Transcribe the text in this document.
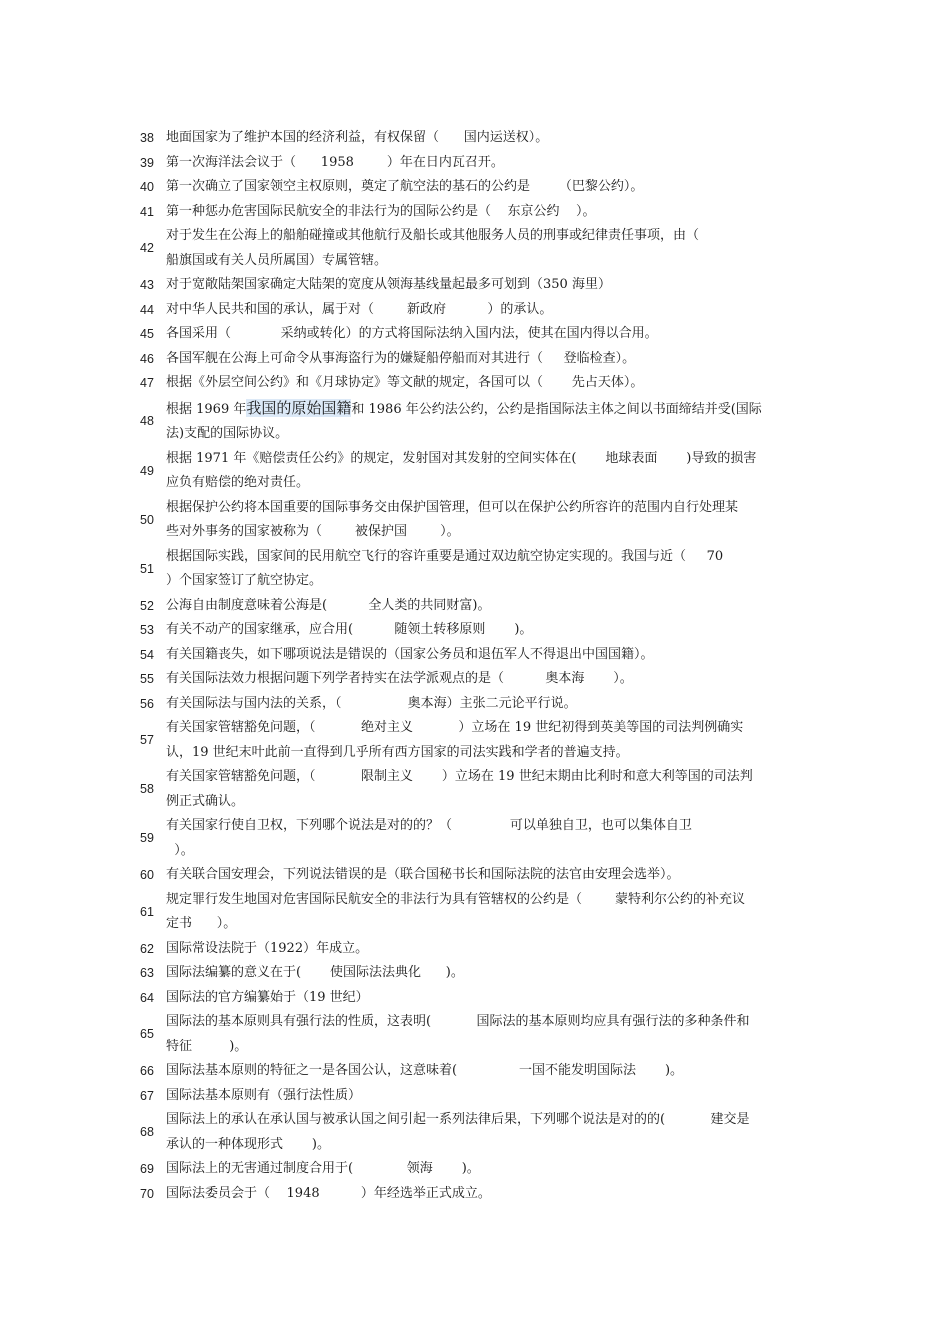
38 地面国家为了维护本国的经济利益，有权保留（      国内运送权）。
39 第一次海洋法会议于（      1958        ）年在日内瓦召开。
40 第一次确立了国家领空主权原则，奠定了航空法的基石的公约是       （巴黎公约）。
41 第一种惩办危害国际民航安全的非法行为的国际公约是（    东京公约    ）。
42
对于发生在公海上的船舶碰撞或其他航行及船长或其他服务人员的刑事或纪律责任事项，由（
船旗国或有关人员所属国）专属管辖。
43 对于宽敞陆架国家确定大陆架的宽度从领海基线量起最多可划到（350 海里）
44 对中华人民共和国的承认，属于对（        新政府          ）的承认。
45 各国采用（            采纳或转化）的方式将国际法纳入国内法，使其在国内得以合用。
46 各国军舰在公海上可命令从事海盗行为的嫌疑船停船而对其进行（     登临检查）。
47 根据《外层空间公约》和《月球协定》等文献的规定，各国可以（       先占天体）。
48
根据 1969 年我国的原始国籍和 1986 年公约法公约，公约是指国际法主体之间以书面缔结并受(国际
法)支配的国际协议。
49
根据 1971 年《赔偿责任公约》的规定，发射国对其发射的空间实体在(       地球表面       )导致的损害
应负有赔偿的绝对责任。
50
根据保护公约将本国重要的国际事务交由保护国管理，但可以在保护公约所容许的范围内自行处理某
些对外事务的国家被称为（        被保护国        ）。
51
根据国际实践，国家间的民用航空飞行的容许重要是通过双边航空协定实现的。我国与近（     70
）个国家签订了航空协定。
52 公海自由制度意味着公海是(          全人类的共同财富)。
53 有关不动产的国家继承，应合用(          随领土转移原则       )。
54 有关国籍丧失，如下哪项说法是错误的（国家公务员和退伍军人不得退出中国国籍）。
55 有关国际法效力根据问题下列学者持实在法学派观点的是（          奥本海       ）。
56 有关国际法与国内法的关系，（                奥本海）主张二元论平行说。
57
有关国家管辖豁免问题，（           绝对主义           ）立场在 19 世纪初得到英美等国的司法判例确实
认，19 世纪末叶此前一直得到几乎所有西方国家的司法实践和学者的普遍支持。
58
有关国家管辖豁免问题，（           限制主义       ）立场在 19 世纪末期由比利时和意大利等国的司法判
例正式确认。
59
有关国家行使自卫权，下列哪个说法是对的的？（              可以单独自卫，也可以集体自卫
）。
60 有关联合国安理会，下列说法错误的是（联合国秘书长和国际法院的法官由安理会选举）。
61
规定罪行发生地国对危害国际民航安全的非法行为具有管辖权的公约是（        蒙特利尔公约的补充议
定书      ）。
62 国际常设法院于（1922）年成立。
63 国际法编纂的意义在于(       使国际法法典化      )。
64 国际法的官方编纂始于（19 世纪）
65
国际法的基本原则具有强行法的性质，这表明(           国际法的基本原则均应具有强行法的多种条件和
特征         )。
66 国际法基本原则的特征之一是各国公认，这意味着(               一国不能发明国际法       )。
67 国际法基本原则有（强行法性质）
68
国际法上的承认在承认国与被承认国之间引起一系列法律后果，下列哪个说法是对的的(           建交是
承认的一种体现形式       )。
69 国际法上的无害通过制度合用于(             领海       )。
70 国际法委员会于（    1948          ）年经选举正式成立。
